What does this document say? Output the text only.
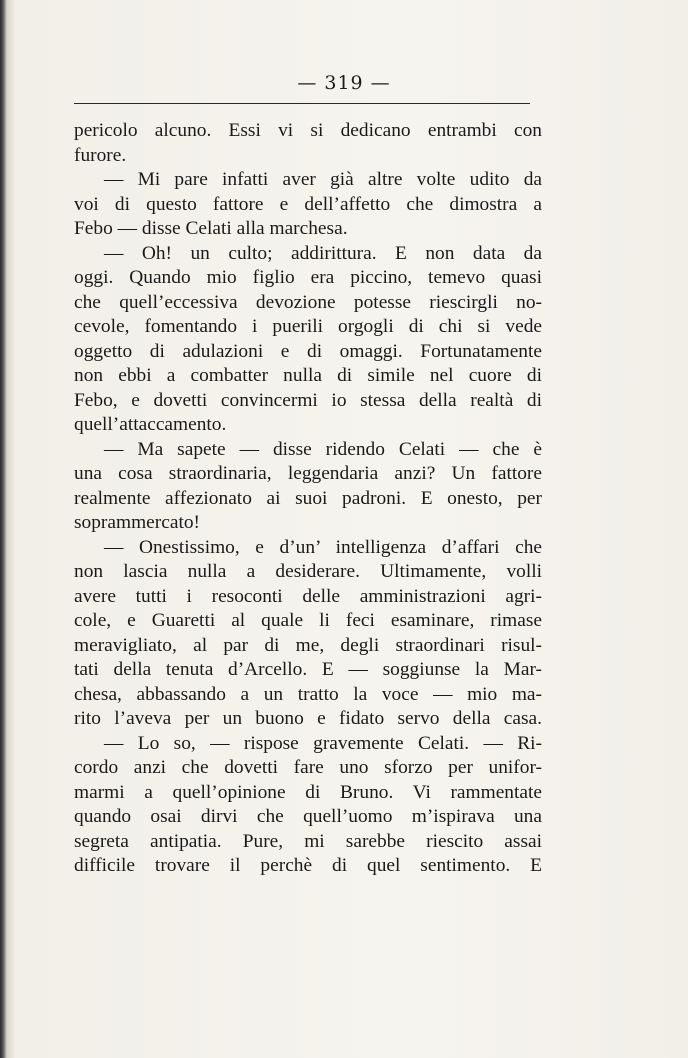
— 319 —
pericolo alcuno. Essi vi si dedicano entrambi con
furore.
— Mi pare infatti aver già altre volte udito da
voi di questo fattore e dell’affetto che dimostra a
Febo — disse Celati alla marchesa.
— Oh! un culto; addirittura. E non data da
oggi. Quando mio figlio era piccino, temevo quasi
che quell’eccessiva devozione potesse riescirgli no-
cevole, fomentando i puerili orgogli di chi si vede
oggetto di adulazioni e di omaggi. Fortunatamente
non ebbi a combatter nulla di simile nel cuore di
Febo, e dovetti convincermi io stessa della realtà di
quell’attaccamento.
— Ma sapete — disse ridendo Celati — che è
una cosa straordinaria, leggendaria anzi? Un fattore
realmente affezionato ai suoi padroni. E onesto, per
soprammercato!
— Onestissimo, e d’un’ intelligenza d’affari che
non lascia nulla a desiderare. Ultimamente, volli
avere tutti i resoconti delle amministrazioni agri-
cole, e Guaretti al quale li feci esaminare, rimase
meravigliato, al par di me, degli straordinari risul-
tati della tenuta d’Arcello. E — soggiunse la Mar-
chesa, abbassando a un tratto la voce — mio ma-
rito l’aveva per un buono e fidato servo della casa.
— Lo so, — rispose gravemente Celati. — Ri-
cordo anzi che dovetti fare uno sforzo per unifor-
marmi a quell’opinione di Bruno. Vi rammentate
quando osai dirvi che quell’uomo m’ispirava una
segreta antipatia. Pure, mi sarebbe riescito assai
difficile trovare il perchè di quel sentimento. E
